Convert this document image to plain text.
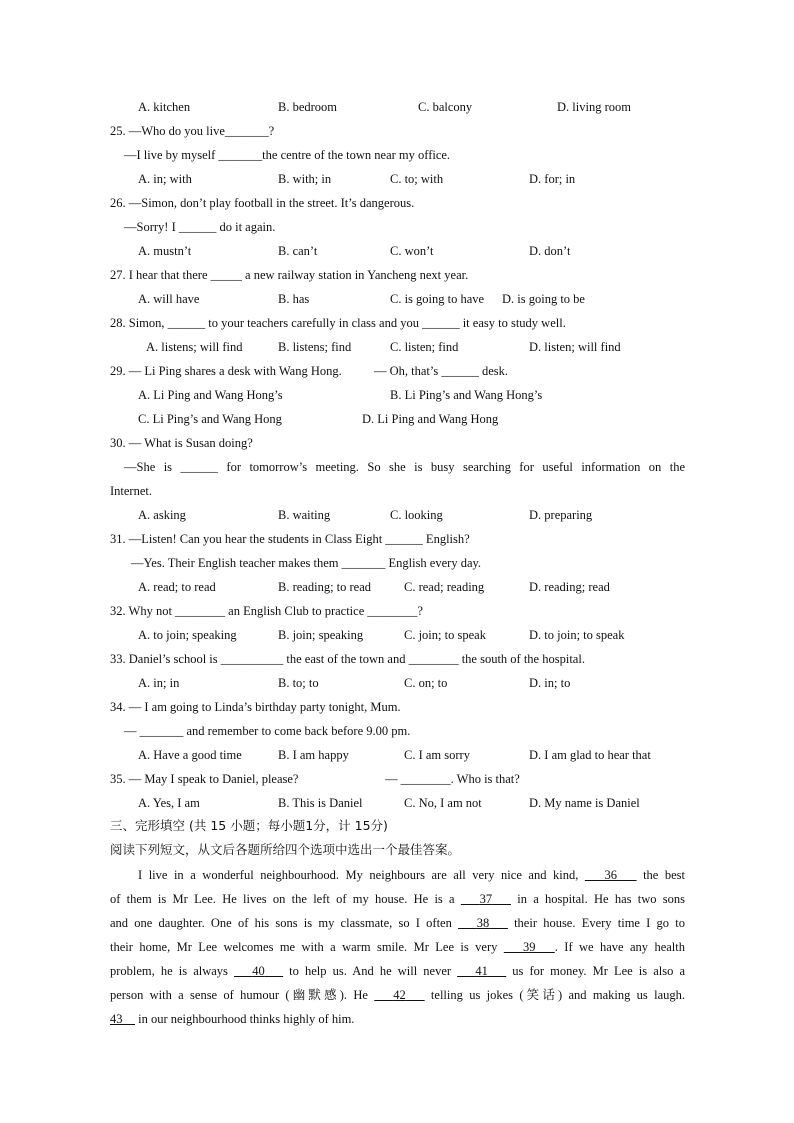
A. kitchen	B. bedroom	C. balcony	D. living room
25. —Who do you live_______?
—I live by myself _______the centre of the town near my office.
A. in; with	B. with; in	C. to; with	D. for; in
26. —Simon, don’t play football in the street. It’s dangerous.
—Sorry! I ______ do it again.
A. mustn’t	B. can’t	C. won’t	D. don’t
27. I hear that there _____ a new railway station in Yancheng next year.
A. will have	B. has	C. is going to have D. is going to be
28. Simon, ______ to your teachers carefully in class and you ______ it easy to study well.
A. listens; will find	B. listens; find	C. listen; find	D. listen; will find
29. — Li Ping shares a desk with Wang Hong.	— Oh, that’s ______ desk.
A. Li Ping and Wang Hong’s	B. Li Ping’s and Wang Hong’s
C. Li Ping’s and Wang Hong	D. Li Ping and Wang Hong
30. — What is Susan doing?
—She is ______ for tomorrow’s meeting. So she is busy searching for useful information on the
Internet.
A. asking	B. waiting	C. looking	D. preparing
31. —Listen! Can you hear the students in Class Eight ______ English?
—Yes. Their English teacher makes them _______ English every day.
A. read; to read	B. reading; to read	C. read; reading	D. reading; read
32. Why not ________ an English Club to practice ________?
A. to join; speaking	B. join; speaking	C. join; to speak	D. to join; to speak
33. Daniel’s school is __________ the east of the town and ________ the south of the hospital.
A. in; in	B. to; to	C. on; to	D. in; to
34. — I am going to Linda’s birthday party tonight, Mum.
— _______ and remember to come back before 9.00 pm.
A. Have a good time	B. I am happy	C. I am sorry	D. I am glad to hear that
35. — May I speak to Daniel, please?	— ________. Who is that?
A. Yes, I am	B. This is Daniel	C. No, I am not	D. My name is Daniel
三、完形填空 (共 15 小题；每小题1分，计 15分)
阅读下列短文，从文后各题所给四个选项中选出一个最佳答案。
I live in a wonderful neighbourhood. My neighbours are all very nice and kind,    36    the best
of them is Mr Lee. He lives on the left of my house. He is a    37    in a hospital. He has two sons
and one daughter. One of his sons is my classmate, so I often    38    their house. Every time I go to
their home, Mr Lee welcomes me with a warm smile. Mr Lee is very    39 . If we have any health
problem, he is always    40    to help us. And he will never    41    us for money. Mr Lee is also a
person with a sense of humour (幽默感). He    42    telling us jokes (笑话) and making us laugh.
43     in our neighbourhood thinks highly of him.
